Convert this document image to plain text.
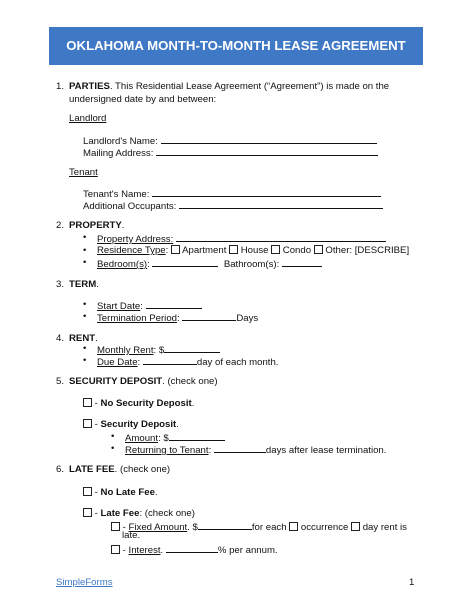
OKLAHOMA MONTH-TO-MONTH LEASE AGREEMENT
1. PARTIES. This Residential Lease Agreement (“Agreement”) is made on the
undersigned date by and between:
Landlord
Landlord's Name:
Mailing Address:
Tenant
Tenant's Name:
Additional Occupants:
2. PROPERTY.
• Property Address:
• Residence Type: Apartment House Condo Other: [DESCRIBE]
• Bedroom(s):	Bathroom(s):
3. TERM.
• Start Date:
• Termination Period:	Days
4. RENT.
• Monthly Rent: $
• Due Date:	day of each month.
5. SECURITY DEPOSIT. (check one)
- No Security Deposit.
- Security Deposit.
• Amount: $
• Returning to Tenant:	days after lease termination.
6. LATE FEE. (check one)
- No Late Fee.
- Late Fee: (check one)
- Fixed Amount. $	for each occurrence day rent is
late.
- Interest.	% per annum.
SimpleForms	1
